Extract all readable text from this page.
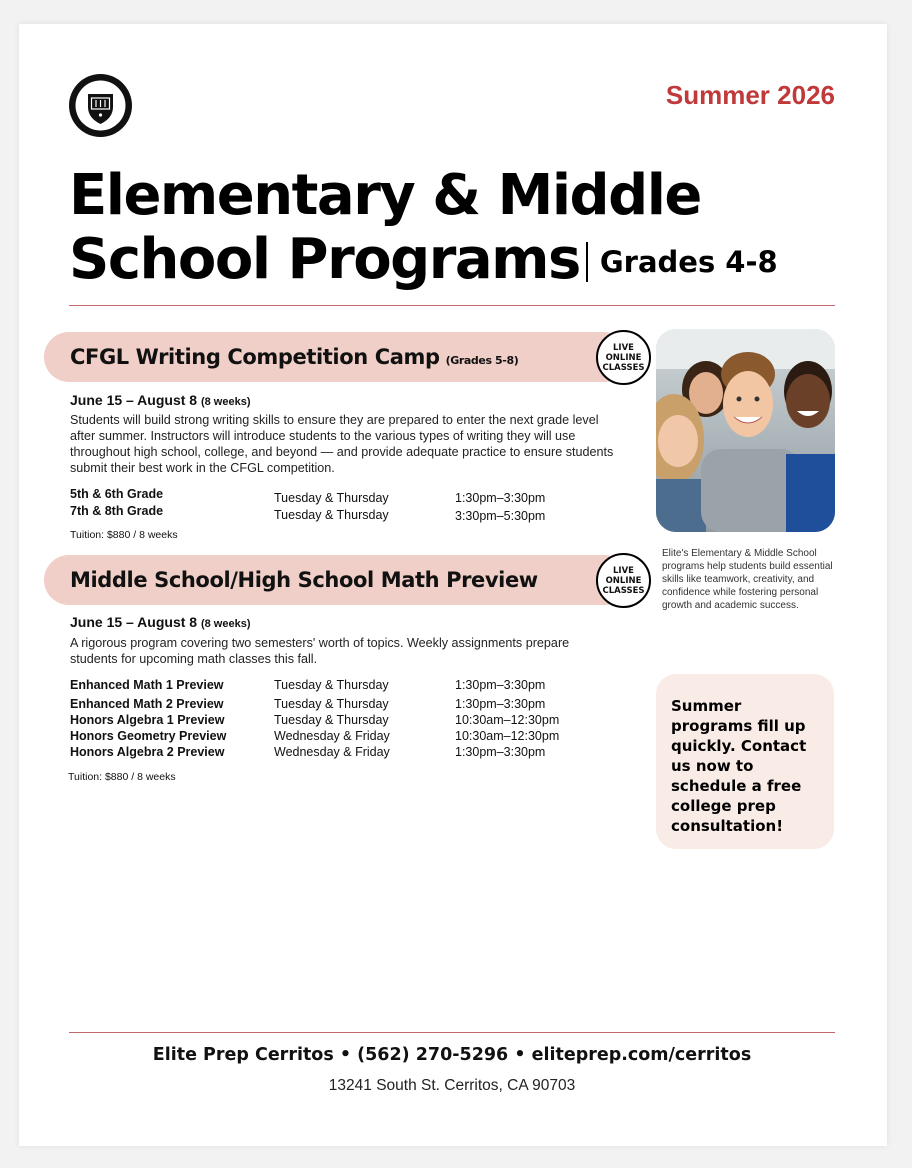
Summer 2026
Elementary & Middle
School Programs Grades 4-8
CFGL Writing Competition Camp (Grades 5-8)
LIVE
ONLINE
CLASSES
June 15 – August 8 (8 weeks)
Students will build strong writing skills to ensure they are prepared to enter the next grade level after summer. Instructors will introduce students to the various types of writing they will use throughout high school, college, and beyond — and provide adequate practice to ensure students submit their best work in the CFGL competition.
5th & 6th Grade	Tuesday & Thursday	1:30pm–3:30pm
7th & 8th Grade	Tuesday & Thursday	3:30pm–5:30pm
Tuition: $880 / 8 weeks
Middle School/High School Math Preview	LIVE
ONLINE
CLASSES
June 15 – August 8 (8 weeks)
A rigorous program covering two semesters' worth of topics. Weekly assignments prepare students for upcoming math classes this fall.
Enhanced Math 1 Preview	Tuesday & Thursday	1:30pm–3:30pm
Enhanced Math 2 Preview	Tuesday & Thursday	1:30pm–3:30pm
Honors Algebra 1 Preview	Tuesday & Thursday	10:30am–12:30pm
Honors Geometry Preview	Wednesday & Friday	10:30am–12:30pm
Honors Algebra 2 Preview	Wednesday & Friday	1:30pm–3:30pm
Tuition: $880 / 8 weeks
Elite's Elementary & Middle School programs help students build essential skills like teamwork, creativity, and confidence while fostering personal growth and academic success.
Summer programs fill up quickly. Contact us now to schedule a free college prep consultation!
Elite Prep Cerritos • (562) 270-5296 • eliteprep.com/cerritos
13241 South St. Cerritos, CA 90703
